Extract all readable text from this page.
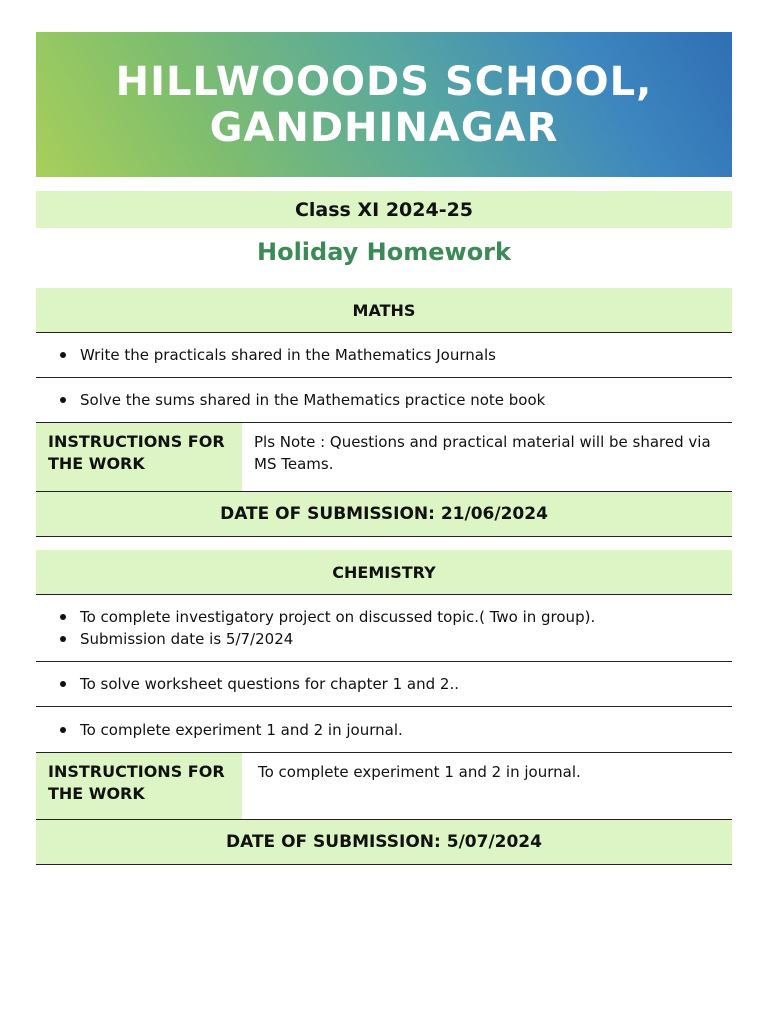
HILLWOOODS SCHOOL, GANDHINAGAR
Class XI 2024-25
Holiday Homework
MATHS
Write the practicals shared in the Mathematics Journals
Solve the sums shared in the Mathematics practice note book
INSTRUCTIONS FOR THE WORK
Pls Note : Questions and practical material will be shared via MS Teams.
DATE OF SUBMISSION: 21/06/2024
CHEMISTRY
To complete investigatory project on discussed topic.( Two in group).
Submission date is 5/7/2024
To solve worksheet questions for chapter 1 and 2..
To complete experiment 1 and 2 in journal.
INSTRUCTIONS FOR THE WORK
To complete experiment 1 and 2 in journal.
DATE OF SUBMISSION: 5/07/2024
